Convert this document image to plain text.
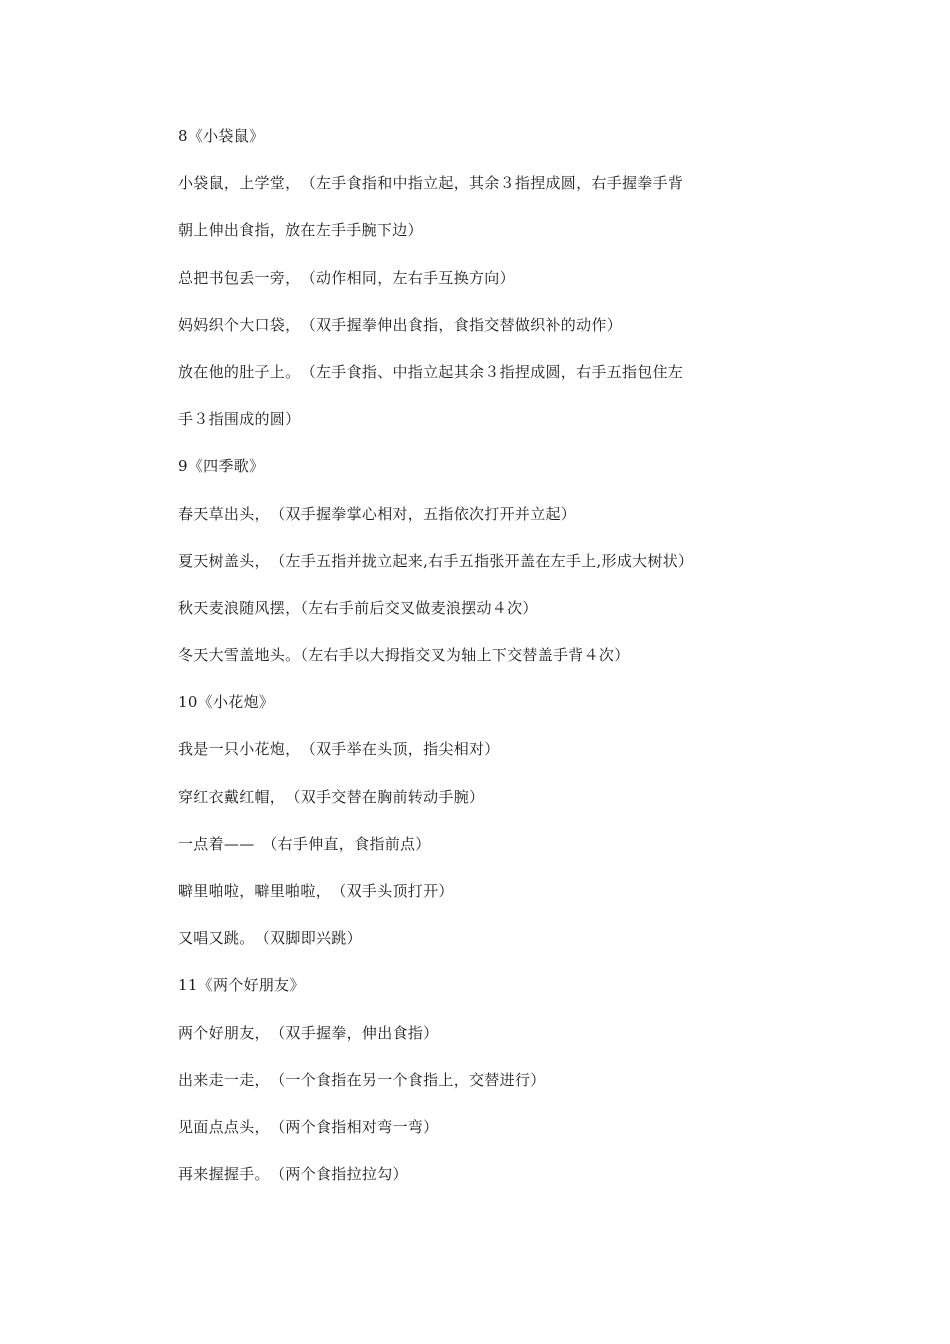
8《小袋鼠》
小袋鼠，上学堂，　（左手食指和中指立起，其余３指捏成圆，右手握拳手背
朝上伸出食指，放在左手手腕下边）
总把书包丢一旁，　（动作相同，左右手互换方向）
妈妈织个大口袋，　（双手握拳伸出食指，食指交替做织补的动作）
放在他的肚子上。　（左手食指、中指立起其余３指捏成圆，右手五指包住左
手３指围成的圆）
9《四季歌》
春天草出头，　（双手握拳掌心相对，五指依次打开并立起）
夏天树盖头，　（左手五指并拢立起来,右手五指张开盖在左手上,形成大树状）
秋天麦浪随风摆，（左右手前后交叉做麦浪摆动４次）
冬天大雪盖地头。（左右手以大拇指交叉为轴上下交替盖手背４次）
10《小花炮》
我是一只小花炮，　（双手举在头顶，指尖相对）
穿红衣戴红帽，　（双手交替在胸前转动手腕）
一点着——　（右手伸直，食指前点）
噼里啪啦，噼里啪啦，　（双手头顶打开）
又唱又跳。　（双脚即兴跳）
11《两个好朋友》
两个好朋友，　（双手握拳，伸出食指）
出来走一走，　（一个食指在另一个食指上，交替进行）
见面点点头，　（两个食指相对弯一弯）
再来握握手。　（两个食指拉拉勾）
